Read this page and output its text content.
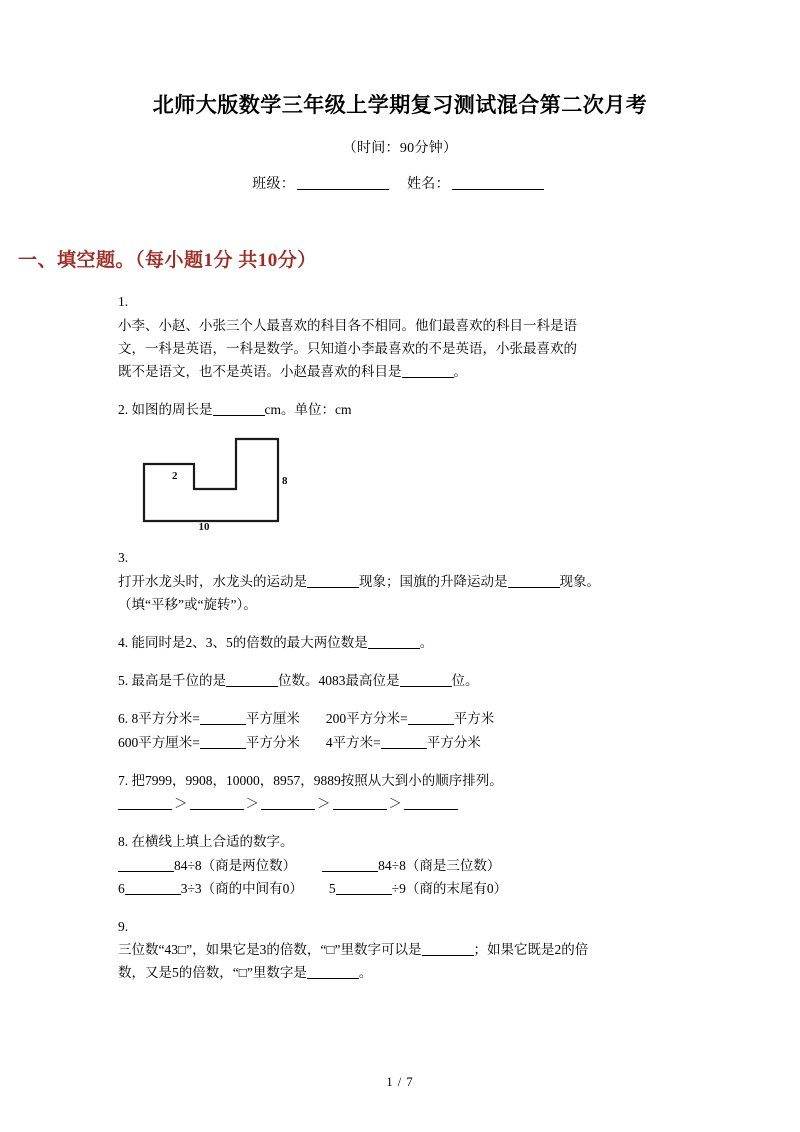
北师大版数学三年级上学期复习测试混合第二次月考
（时间：90分钟）
班级：	姓名：
一、填空题。（每小题1分 共10分）

1.

小李、小赵、小张三个人最喜欢的科目各不相同。他们最喜欢的科目一科是语

文，一科是英语，一科是数学。只知道小李最喜欢的不是英语，小张最喜欢的

既不是语文，也不是英语。小赵最喜欢的科目是	。

2. 如图的周长是	cm。单位：cm

2	8
10

3.

打开水龙头时，水龙头的运动是	现象；国旗的升降运动是	现象。

（填“平移”或“旋转”）。

4. 能同时是2、3、5的倍数的最大两位数是	。

5. 最高是千位的是	位数。4083最高位是	位。

6. 8平方分米=	平方厘米 200平方分米=	平方米

600平方厘米=	平方分米 4平方米=	平方分米

7. 把7999，9908，10000，8957，9889按照从大到小的顺序排列。

＞	＞	＞	＞

8. 在横线上填上合适的数字。

84÷8（商是两位数）	84÷8（商是三位数）

6	3÷3（商的中间有0） 5	÷9（商的末尾有0）

9.

三位数“43□”，如果它是3的倍数，“□”里数字可以是	；如果它既是2的倍

数，又是5的倍数，“□”里数字是	。

1 / 7
